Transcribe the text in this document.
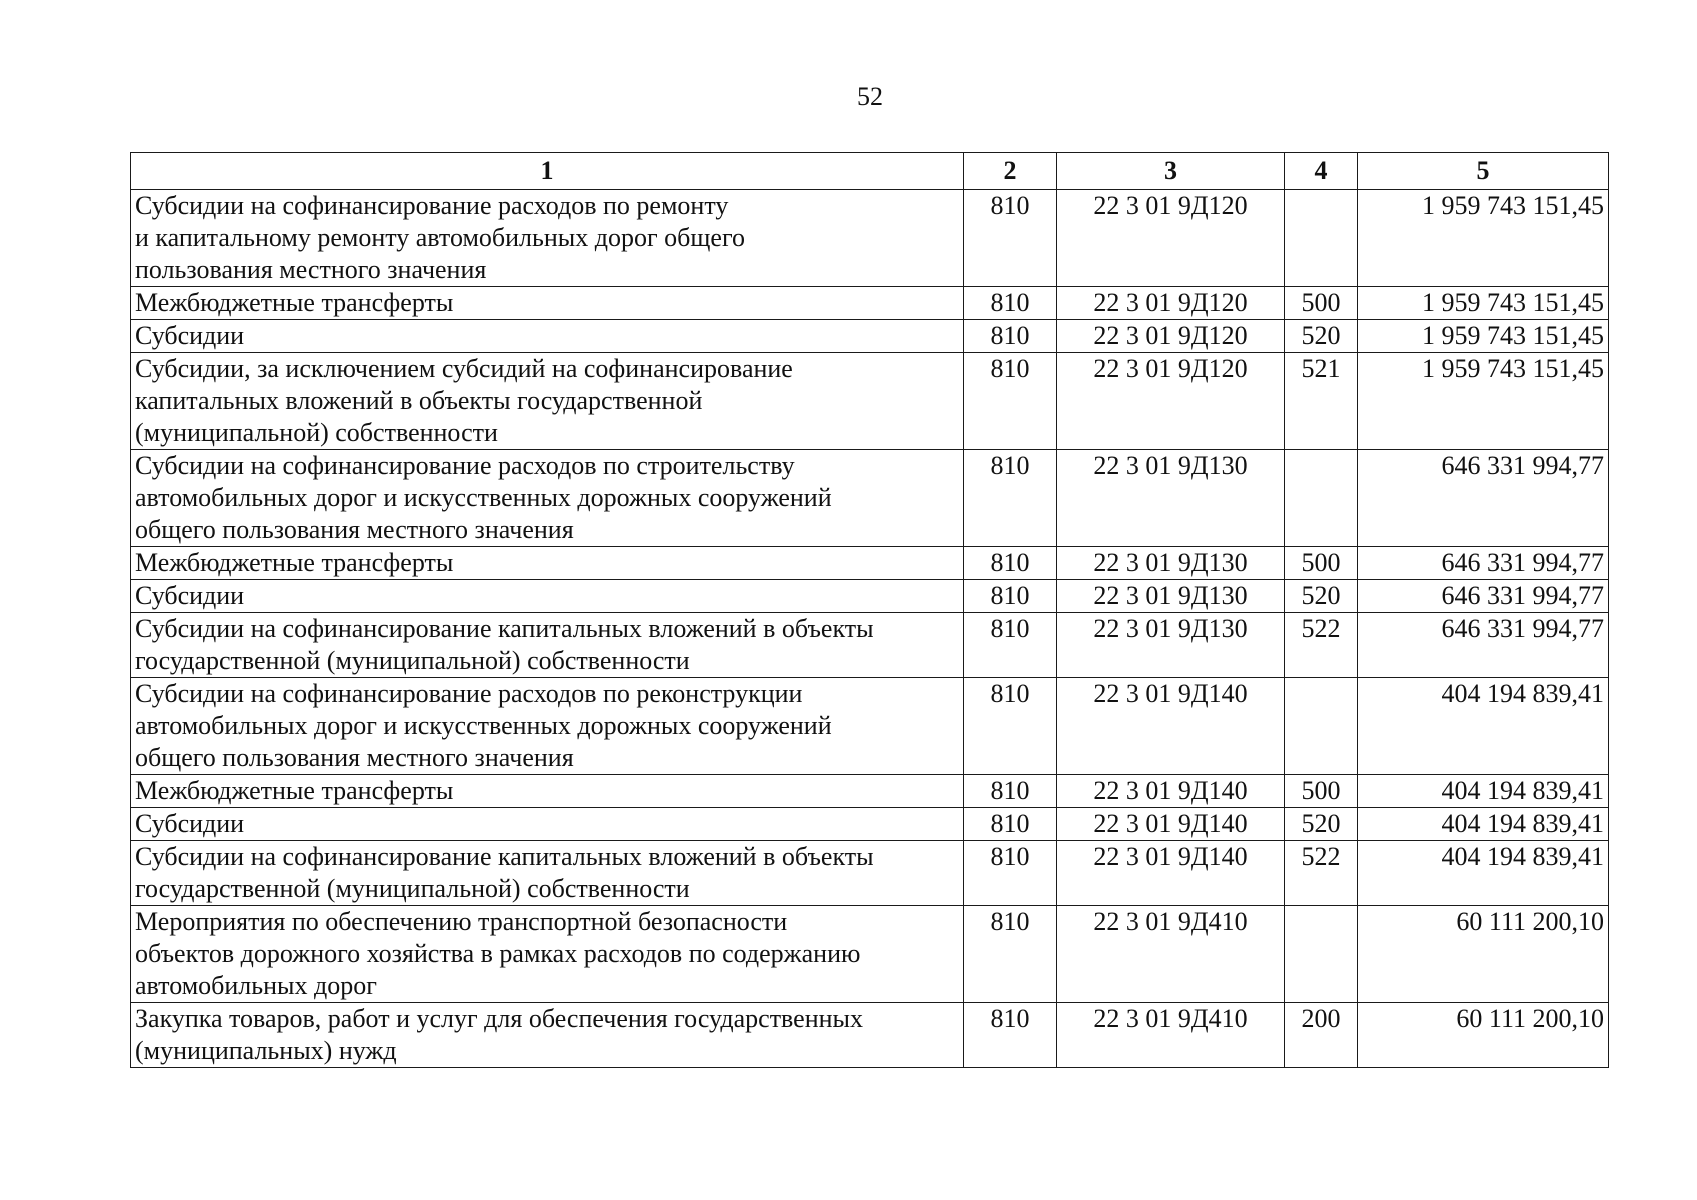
52
1	2	3	4	5
Субсидии на софинансирование расходов по ремонту
и капитальному ремонту автомобильных дорог общего
пользования местного значения	810	22 3 01 9Д120		1 959 743 151,45
Межбюджетные трансферты	810	22 3 01 9Д120	500	1 959 743 151,45
Субсидии	810	22 3 01 9Д120	520	1 959 743 151,45
Субсидии, за исключением субсидий на софинансирование
капитальных вложений в объекты государственной
(муниципальной) собственности	810	22 3 01 9Д120	521	1 959 743 151,45
Субсидии на софинансирование расходов по строительству
автомобильных дорог и искусственных дорожных сооружений
общего пользования местного значения	810	22 3 01 9Д130		646 331 994,77
Межбюджетные трансферты	810	22 3 01 9Д130	500	646 331 994,77
Субсидии	810	22 3 01 9Д130	520	646 331 994,77
Субсидии на софинансирование капитальных вложений в объекты
государственной (муниципальной) собственности	810	22 3 01 9Д130	522	646 331 994,77
Субсидии на софинансирование расходов по реконструкции
автомобильных дорог и искусственных дорожных сооружений
общего пользования местного значения	810	22 3 01 9Д140		404 194 839,41
Межбюджетные трансферты	810	22 3 01 9Д140	500	404 194 839,41
Субсидии	810	22 3 01 9Д140	520	404 194 839,41
Субсидии на софинансирование капитальных вложений в объекты
государственной (муниципальной) собственности	810	22 3 01 9Д140	522	404 194 839,41
Мероприятия по обеспечению транспортной безопасности
объектов дорожного хозяйства в рамках расходов по содержанию
автомобильных дорог	810	22 3 01 9Д410		60 111 200,10
Закупка товаров, работ и услуг для обеспечения государственных
(муниципальных) нужд	810	22 3 01 9Д410	200	60 111 200,10
